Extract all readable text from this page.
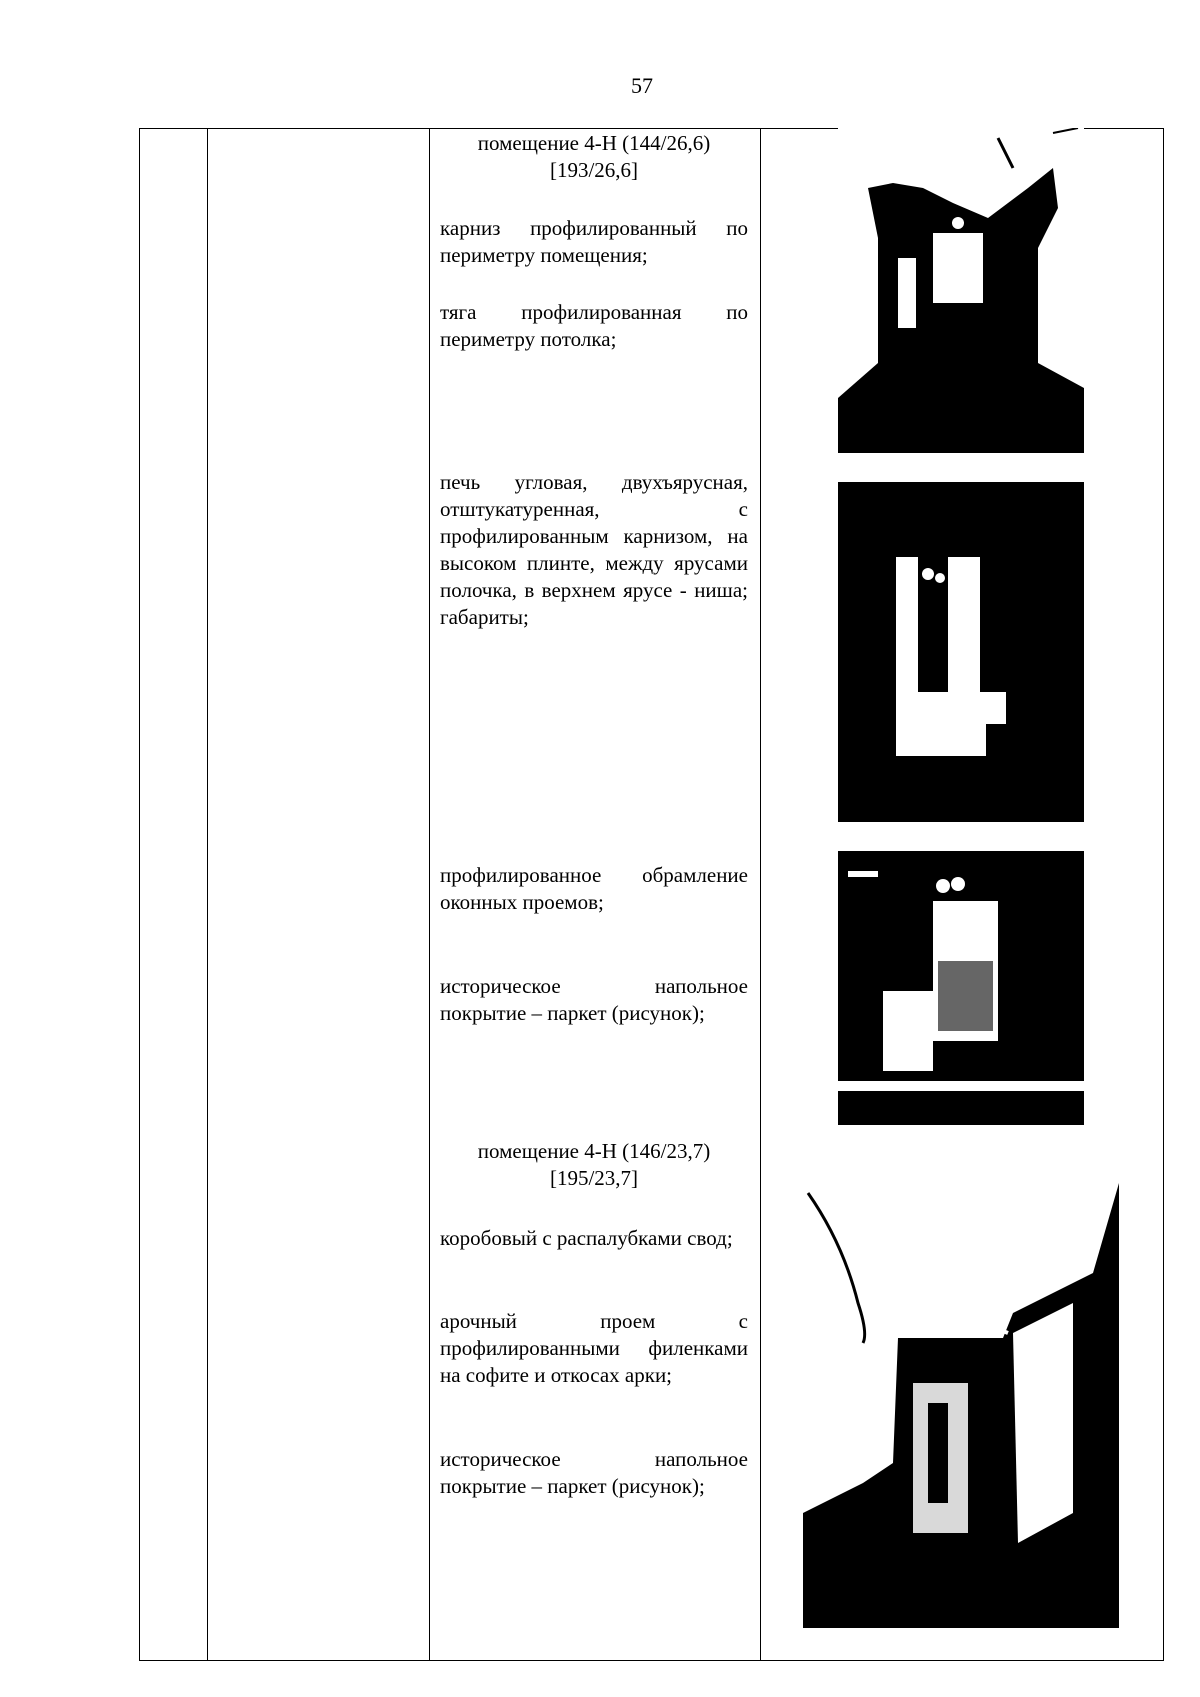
57
помещение 4-Н (144/26,6)
[193/26,6]
карниз профилированный по периметру помещения;
тяга профилированная по периметру потолка;
печь угловая, двухъярусная, отштукатуренная, с профилированным карнизом, на высоком плинте, между ярусами полочка, в верхнем ярусе - ниша; габариты;
профилированное обрамление оконных проемов;
историческое напольное покрытие – паркет (рисунок);
помещение 4-Н (146/23,7)
[195/23,7]
коробовый с распалубками свод;
арочный проем с профилированными филенками на софите и откосах арки;
историческое напольное покрытие – паркет (рисунок);
